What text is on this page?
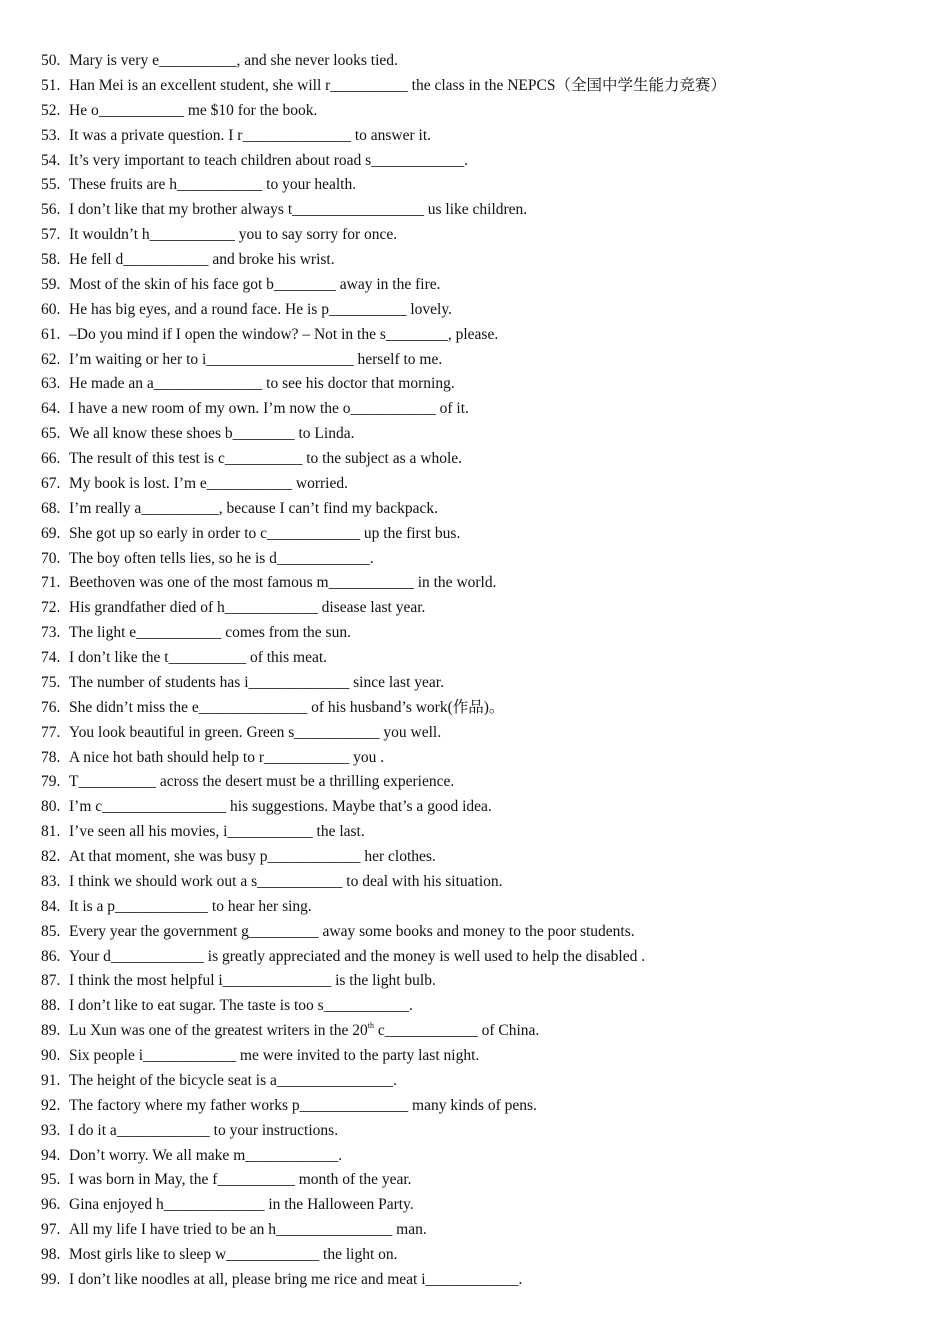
50. Mary is very e__________, and she never looks tied.
51. Han Mei is an excellent student, she will r__________ the class in the NEPCS（全国中学生能力竞赛）
52. He o___________ me $10 for the book.
53. It was a private question. I r______________ to answer it.
54. It’s very important to teach children about road s____________.
55. These fruits are h___________ to your health.
56. I don’t like that my brother always t_________________ us like children.
57. It wouldn’t h___________ you to say sorry for once.
58. He fell d___________ and broke his wrist.
59. Most of the skin of his face got b________ away in the fire.
60. He has big eyes, and a round face. He is p__________ lovely.
61. –Do you mind if I open the window? – Not in the s________, please.
62. I’m waiting or her to i___________________ herself to me.
63. He made an a______________ to see his doctor that morning.
64. I have a new room of my own. I’m now the o___________ of it.
65. We all know these shoes b________ to Linda.
66. The result of this test is c__________ to the subject as a whole.
67. My book is lost. I’m e___________ worried.
68. I’m really a__________, because I can’t find my backpack.
69. She got up so early in order to c____________ up the first bus.
70. The boy often tells lies, so he is d____________.
71. Beethoven was one of the most famous m___________ in the world.
72. His grandfather died of h____________ disease last year.
73. The light e___________ comes from the sun.
74. I don’t like the t__________ of this meat.
75. The number of students has i_____________ since last year.
76. She didn’t miss the e______________ of his husband’s work(作品)。
77. You look beautiful in green. Green s___________ you well.
78. A nice hot bath should help to r___________ you .
79. T__________ across the desert must be a thrilling experience.
80. I’m c________________ his suggestions. Maybe that’s a good idea.
81. I’ve seen all his movies, i___________ the last.
82. At that moment, she was busy p____________ her clothes.
83. I think we should work out a s___________ to deal with his situation.
84. It is a p____________ to hear her sing.
85. Every year the government g_________ away some books and money to the poor students.
86. Your d____________ is greatly appreciated and the money is well used to help the disabled .
87. I think the most helpful i______________ is the light bulb.
88. I don’t like to eat sugar. The taste is too s___________.
89. Lu Xun was one of the greatest writers in the 20th c____________ of China.
90. Six people i____________ me were invited to the party last night.
91. The height of the bicycle seat is a_______________.
92. The factory where my father works p______________ many kinds of pens.
93. I do it a____________ to your instructions.
94. Don’t worry. We all make m____________.
95. I was born in May, the f__________ month of the year.
96. Gina enjoyed h_____________ in the Halloween Party.
97. All my life I have tried to be an h_______________ man.
98. Most girls like to sleep w____________ the light on.
99. I don’t like noodles at all, please bring me rice and meat i____________.
